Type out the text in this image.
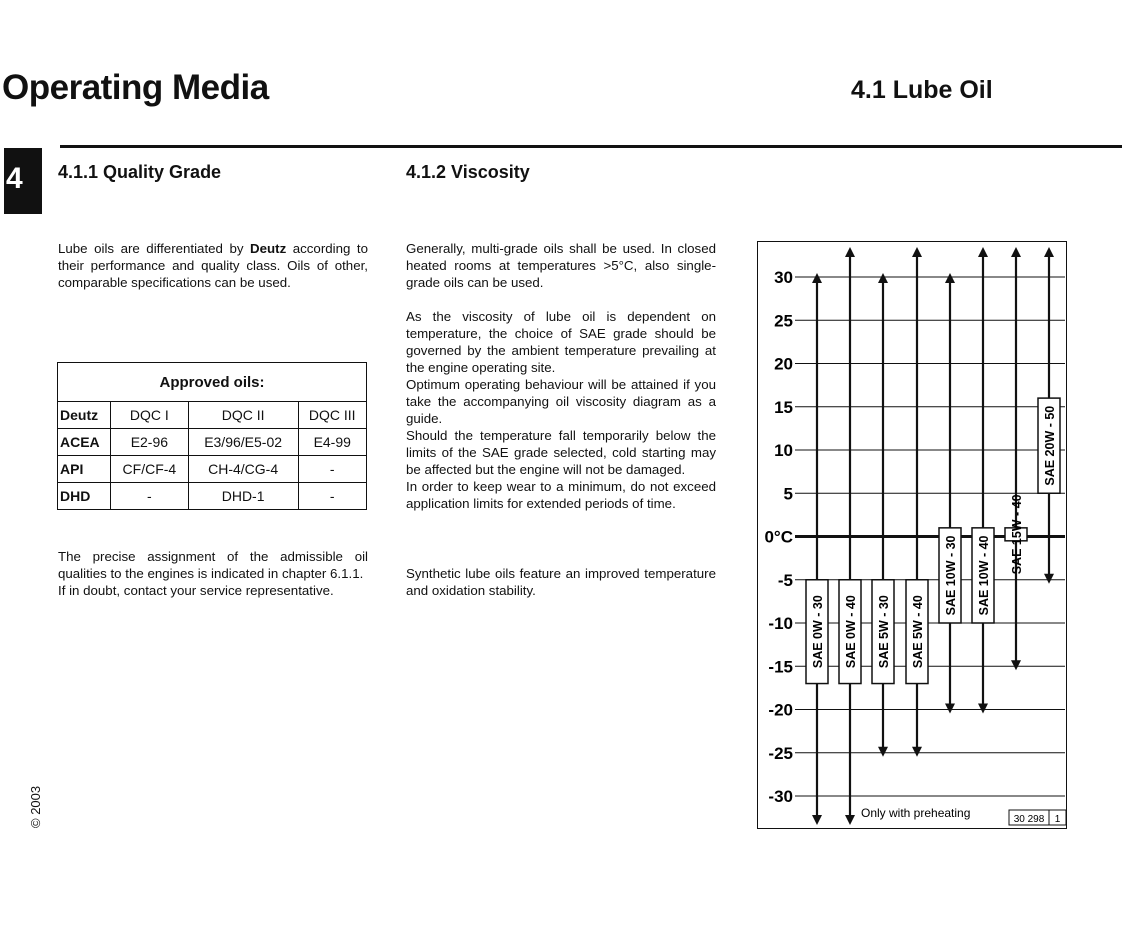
Operating Media	4.1 Lube Oil
4 4.1.1 Quality Grade	4.1.2 Viscosity
Lube oils are differentiated by Deutz according to their performance and quality class. Oils of other, comparable specifications can be used.
Approved oils:			
Deutz	DQC I	DQC II	DQC III
ACEA	E2-96	E3/96/E5-02	E4-99
API	CF/CF-4	CH-4/CG-4	-
DHD	-	DHD-1	-
The precise assignment of the admissible oil qualities to the engines is indicated in chapter 6.1.1.
If in doubt, contact your service representative.
Generally, multi-grade oils shall be used. In closed heated rooms at temperatures >5°C, also single-grade oils can be used.
As the viscosity of lube oil is dependent on temperature, the choice of SAE grade should be governed by the ambient temperature prevailing at the engine operating site.
Optimum operating behaviour will be attained if you take the accompanying oil viscosity diagram as a guide.
Should the temperature fall temporarily below the limits of the SAE grade selected, cold starting may be affected but the engine will not be damaged.
In order to keep wear to a minimum, do not exceed application limits for extended periods of time.
Synthetic lube oils feature an improved temperature and oxidation stability.
© 2003
30
25
20
15
10
5
0°C
-5
-10
-15
-20
-25
-30
SAE 0W - 30 SAE 0W - 40 SAE 5W - 30 SAE 5W - 40
SAE 10W - 30 SAE 10W - 40
SAE 15W - 40
SAE 20W - 50
Only with preheating	30 298 1
